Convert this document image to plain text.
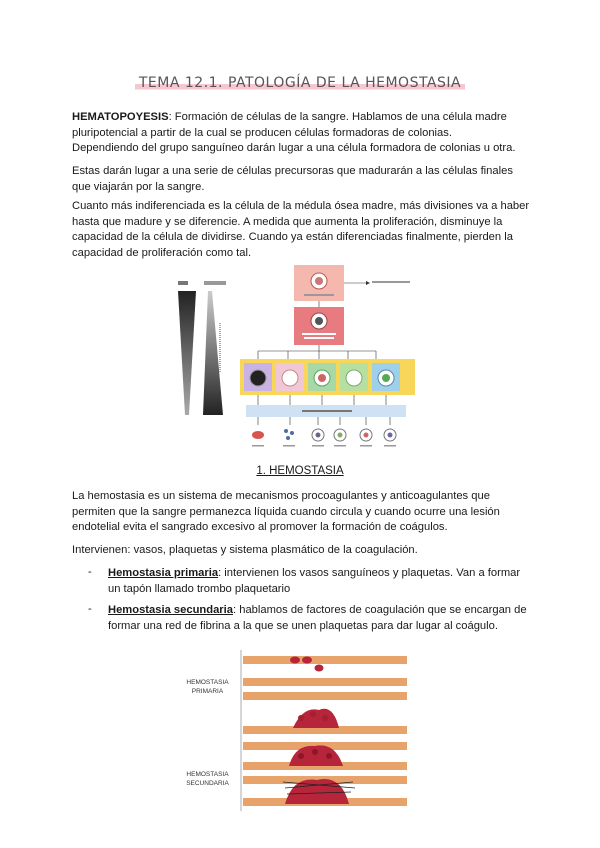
TEMA 12.1. PATOLOGÍA DE LA HEMOSTASIA

HEMATOPOYESIS: Formación de células de la sangre. Hablamos de una célula madre
pluripotencial a partir de la cual se producen células formadoras de colonias.
Dependiendo del grupo sanguíneo darán lugar a una célula formadora de colonias u otra.

Estas darán lugar a una serie de células precursoras que madurarán a las células finales
que viajarán por la sangre.

Cuanto más indiferenciada es la célula de la médula ósea madre, más divisiones va a haber
hasta que madure y se diferencie. A medida que aumenta la proliferación, disminuye la
capacidad de la célula de dividirse. Cuando ya están diferenciadas finalmente, pierden la
capacidad de proliferación como tal.

1. HEMOSTASIA

La hemostasia es un sistema de mecanismos procoagulantes y anticoagulantes que
permiten que la sangre permanezca líquida cuando circula y cuando ocurre una lesión
endotelial evita el sangrado excesivo al promover la formación de coágulos.

Intervienen: vasos, plaquetas y sistema plasmático de la coagulación.

- Hemostasia primaria: intervienen los vasos sanguíneos y plaquetas. Van a formar
un tapón llamado trombo plaquetario

- Hemostasia secundaria: hablamos de factores de coagulación que se encargan de
formar una red de fibrina a la que se unen plaquetas para dar lugar al coágulo.

HEMOSTASIA
PRIMARIA
HEMOSTASIA
SECUNDARIA
